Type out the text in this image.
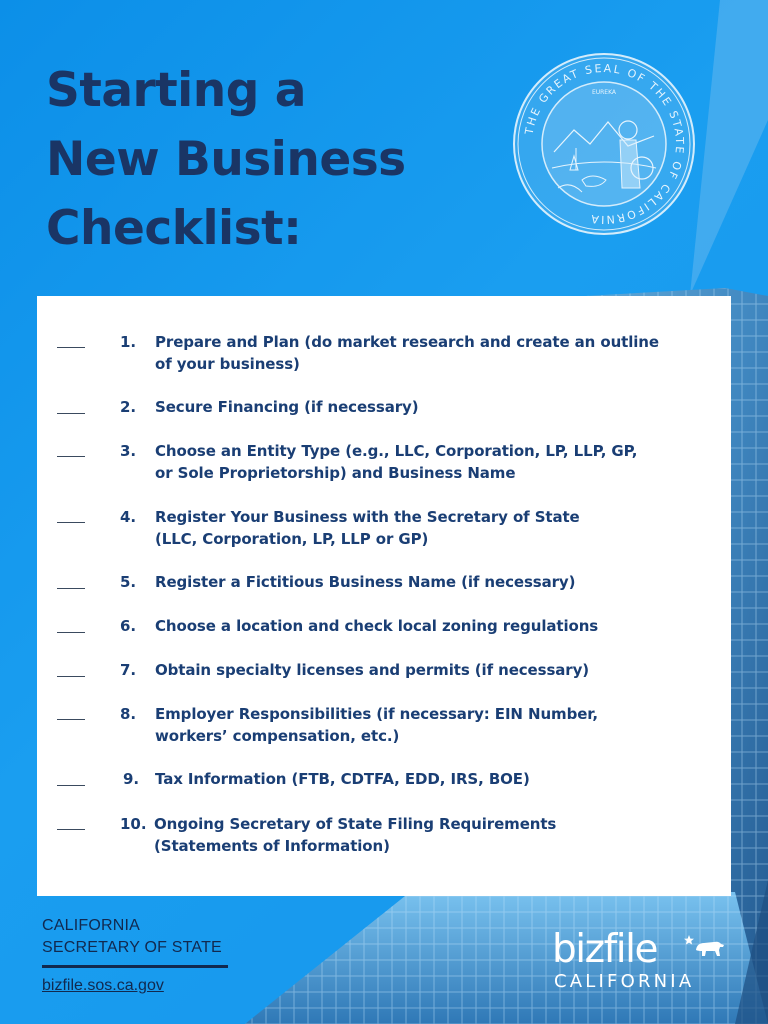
Starting a
New Business
Checklist:
THE GREAT SEAL OF THE STATE OF CALIFORNIA
EUREKA
1. Prepare and Plan (do market research and create an outline
of your business)
2. Secure Financing (if necessary)
3. Choose an Entity Type (e.g., LLC, Corporation, LP, LLP, GP,
or Sole Proprietorship) and Business Name
4. Register Your Business with the Secretary of State
(LLC, Corporation, LP, LLP or GP)
5. Register a Fictitious Business Name (if necessary)
6. Choose a location and check local zoning regulations
7. Obtain specialty licenses and permits (if necessary)
8. Employer Responsibilities (if necessary: EIN Number,
workers’ compensation, etc.)
9. Tax Information (FTB, CDTFA, EDD, IRS, BOE)
10. Ongoing Secretary of State Filing Requirements
(Statements of Information)
CALIFORNIA
SECRETARY OF STATE
bizfile.sos.ca.gov
bizfile
CALIFORNIA
